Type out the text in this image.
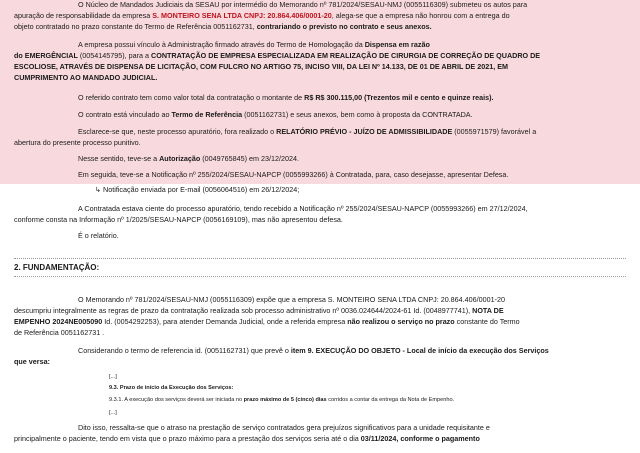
O Núcleo de Mandados Judiciais da SESAU por intermédio do Memorando nº 781/2024/SESAU-NMJ (0055116309) submeteu os autos para
apuração de responsabilidade da empresa S. MONTEIRO SENA LTDA CNPJ: 20.864.406/0001-20, alega-se que a empresa não honrou com a entrega do
objeto contratado no prazo constante do Termo de Referência 0051162731, contrariando o previsto no contrato e seus anexos.
A empresa possui vínculo à Administração firmado através do Termo de Homologação da Dispensa em razão
do EMERGÊNCIAL (0054145795), para a CONTRATAÇÃO DE EMPRESA ESPECIALIZADA EM REALIZAÇÃO DE CIRURGIA DE CORREÇÃO DE QUADRO DE
ESCOLIOSE, ATRAVÉS DE DISPENSA DE LICITAÇÃO, COM FULCRO NO ARTIGO 75, INCISO VIII, DA LEI Nº 14.133, DE 01 DE ABRIL DE 2021, EM
CUMPRIMENTO AO MANDADO JUDICIAL.
O referido contrato tem como valor total da contratação o montante de R$ R$ 300.115,00 (Trezentos mil e cento e quinze reais).
O contrato está vinculado ao Termo de Referência (0051162731) e seus anexos, bem como à proposta da CONTRATADA.
Esclarece-se que, neste processo apuratório, fora realizado o RELATÓRIO PRÉVIO - JUÍZO DE ADMISSIBILIDADE (0055971579) favorável a
abertura do presente processo punitivo.
Nesse sentido, teve-se a Autorização (0049765845) em 23/12/2024.
Em seguida, teve-se a Notificação nº 255/2024/SESAU-NAPCP (0055993266) à Contratada, para, caso desejasse, apresentar Defesa.
↳ Notificação enviada por E-mail (0056064516) em 26/12/2024;
A Contratada estava ciente do processo apuratório, tendo recebido a Notificação nº 255/2024/SESAU-NAPCP (0055993266) em 27/12/2024,
conforme consta na Informação nº 1/2025/SESAU-NAPCP (0056169109), mas não apresentou defesa.
É o relatório.
2. FUNDAMENTAÇÃO:
O Memorando nº 781/2024/SESAU-NMJ (0055116309) expõe que a empresa S. MONTEIRO SENA LTDA CNPJ: 20.864.406/0001-20
descumpriu integralmente as regras de prazo da contratação realizada sob processo administrativo nº 0036.024644/2024-61 Id. (0048977741), NOTA DE
EMPENHO 2024NE005090 Id. (0054292253), para atender Demanda Judicial, onde a referida empresa não realizou o serviço no prazo constante do Termo
de Referência 0051162731 .
Considerando o termo de referencia id. (0051162731) que prevê o item 9. EXECUÇÃO DO OBJETO - Local de início da execução dos Serviços
que versa:
[...]
9.3. Prazo de início da Execução dos Serviços:
9.3.1. A execução dos serviços deverá ser iniciada no prazo máximo de 5 (cinco) dias corridos a contar da entrega da Nota de Empenho.
[...]
Dito isso, ressalta-se que o atraso na prestação de serviço contratados gera prejuízos significativos para a unidade requisitante e
principalmente o paciente, tendo em vista que o prazo máximo para a prestação dos serviços seria até o dia 03/11/2024, conforme o pagamento
